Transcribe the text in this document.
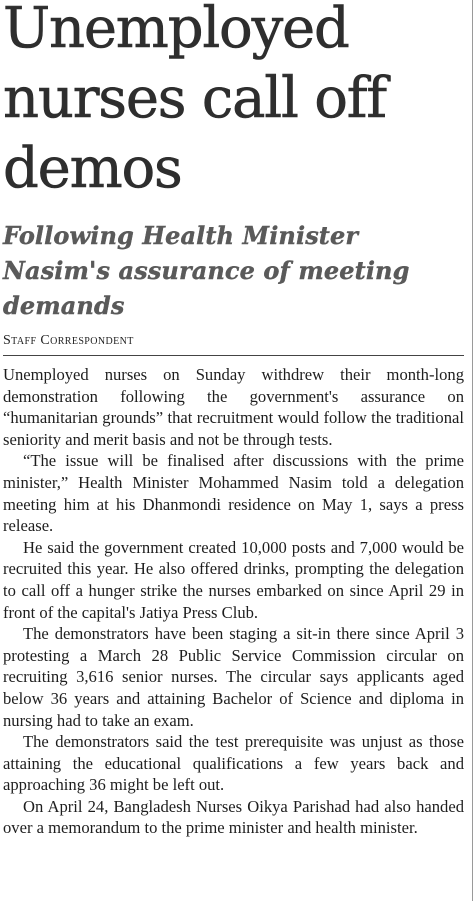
Unemployed nurses call off demos
Following Health Minister Nasim's assurance of meeting demands
Staff Correspondent

Unemployed nurses on Sunday withdrew their month-long demonstration following the government's assurance on “humanitarian grounds” that recruitment would follow the traditional seniority and merit basis and not be through tests.

“The issue will be finalised after discussions with the prime minister,” Health Minister Mohammed Nasim told a delegation meeting him at his Dhanmondi residence on May 1, says a press release.

He said the government created 10,000 posts and 7,000 would be recruited this year. He also offered drinks, prompting the delegation to call off a hunger strike the nurses embarked on since April 29 in front of the capital's Jatiya Press Club.

The demonstrators have been staging a sit-in there since April 3 protesting a March 28 Public Service Commission circular on recruiting 3,616 senior nurses. The circular says applicants aged below 36 years and attaining Bachelor of Science and diploma in nursing had to take an exam.

The demonstrators said the test prerequisite was unjust as those attaining the educational qualifications a few years back and approaching 36 might be left out.

On April 24, Bangladesh Nurses Oikya Parishad had also handed over a memorandum to the prime minister and health minister.
